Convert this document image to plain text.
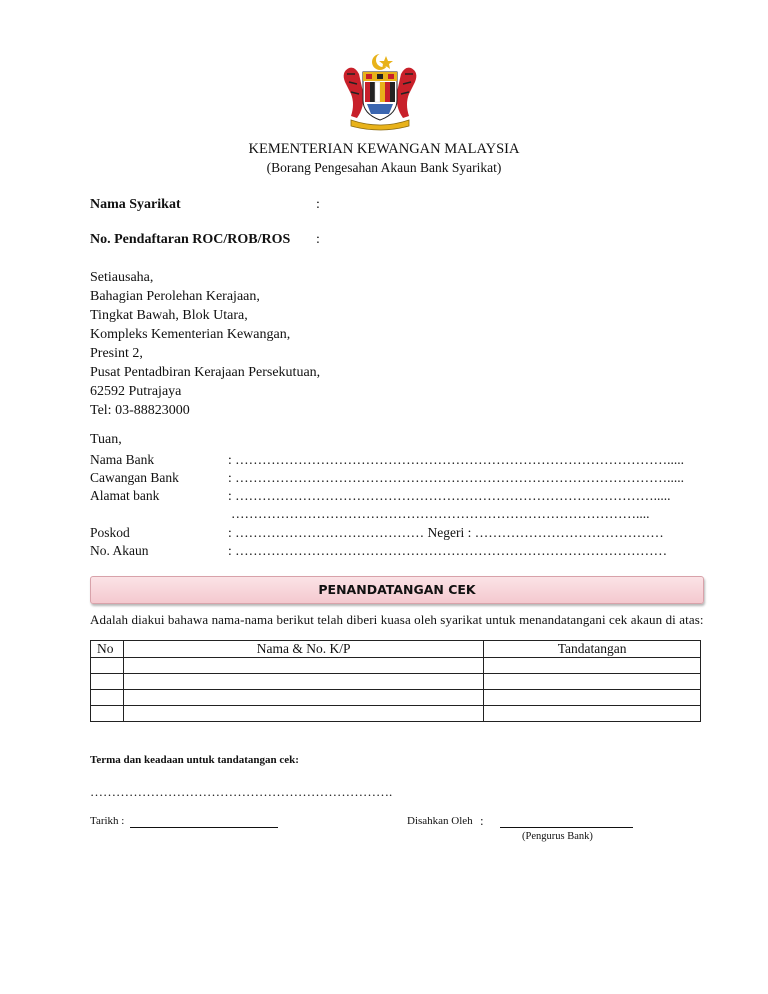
KEMENTERIAN KEWANGAN MALAYSIA
(Borang Pengesahan Akaun Bank Syarikat)
Nama Syarikat	:
No. Pendaftaran ROC/ROB/ROS :
Setiausaha,
Bahagian Perolehan Kerajaan,
Tingkat Bawah, Blok Utara,
Kompleks Kementerian Kewangan,
Presint 2,
Pusat Pentadbiran Kerajaan Persekutuan,
62592 Putrajaya
Tel: 03-88823000
Tuan,
Nama Bank	: …………………………………………………………………………………….....
Cawangan Bank	: …………………………………………………………………………………….....
Alamat bank	: ………………………………………………………………………………….....
………………………………………………………………………………....
Poskod	: …………………………………… Negeri : ……………………………………
No. Akaun	: ……………………………………………………………………………………
PENANDATANGAN CEK
Adalah diakui bahawa nama-nama berikut telah diberi kuasa oleh syarikat untuk menandatangani cek akaun di atas:
No	Nama & No. K/P	Tandatangan

Terma dan keadaan untuk tandatangan cek:
…………………………………………………………….
Tarikh :	Disahkan Oleh :
(Pengurus Bank)
